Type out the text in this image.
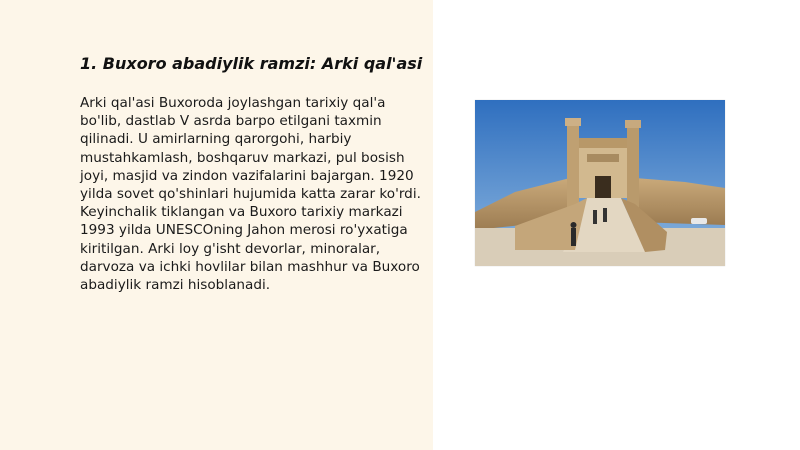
1. Buxoro abadiylik ramzi: Arki qal'asi

Arki qal'asi Buxoroda joylashgan tarixiy qal'a bo'lib, dastlab V asrda barpo etilgani taxmin qilinadi. U amirlarning qarorgohi, harbiy mustahkamlash, boshqaruv markazi, pul bosish joyi, masjid va zindon vazifalarini bajargan. 1920 yilda sovet qo'shinlari hujumida katta zarar ko'rdi. Keyinchalik tiklangan va Buxoro tarixiy markazi 1993 yilda UNESCOning Jahon merosi ro'yxatiga kiritilgan. Arki loy g'isht devorlar, minoralar, darvoza va ichki hovlilar bilan mashhur va Buxoro abadiylik ramzi hisoblanadi.
